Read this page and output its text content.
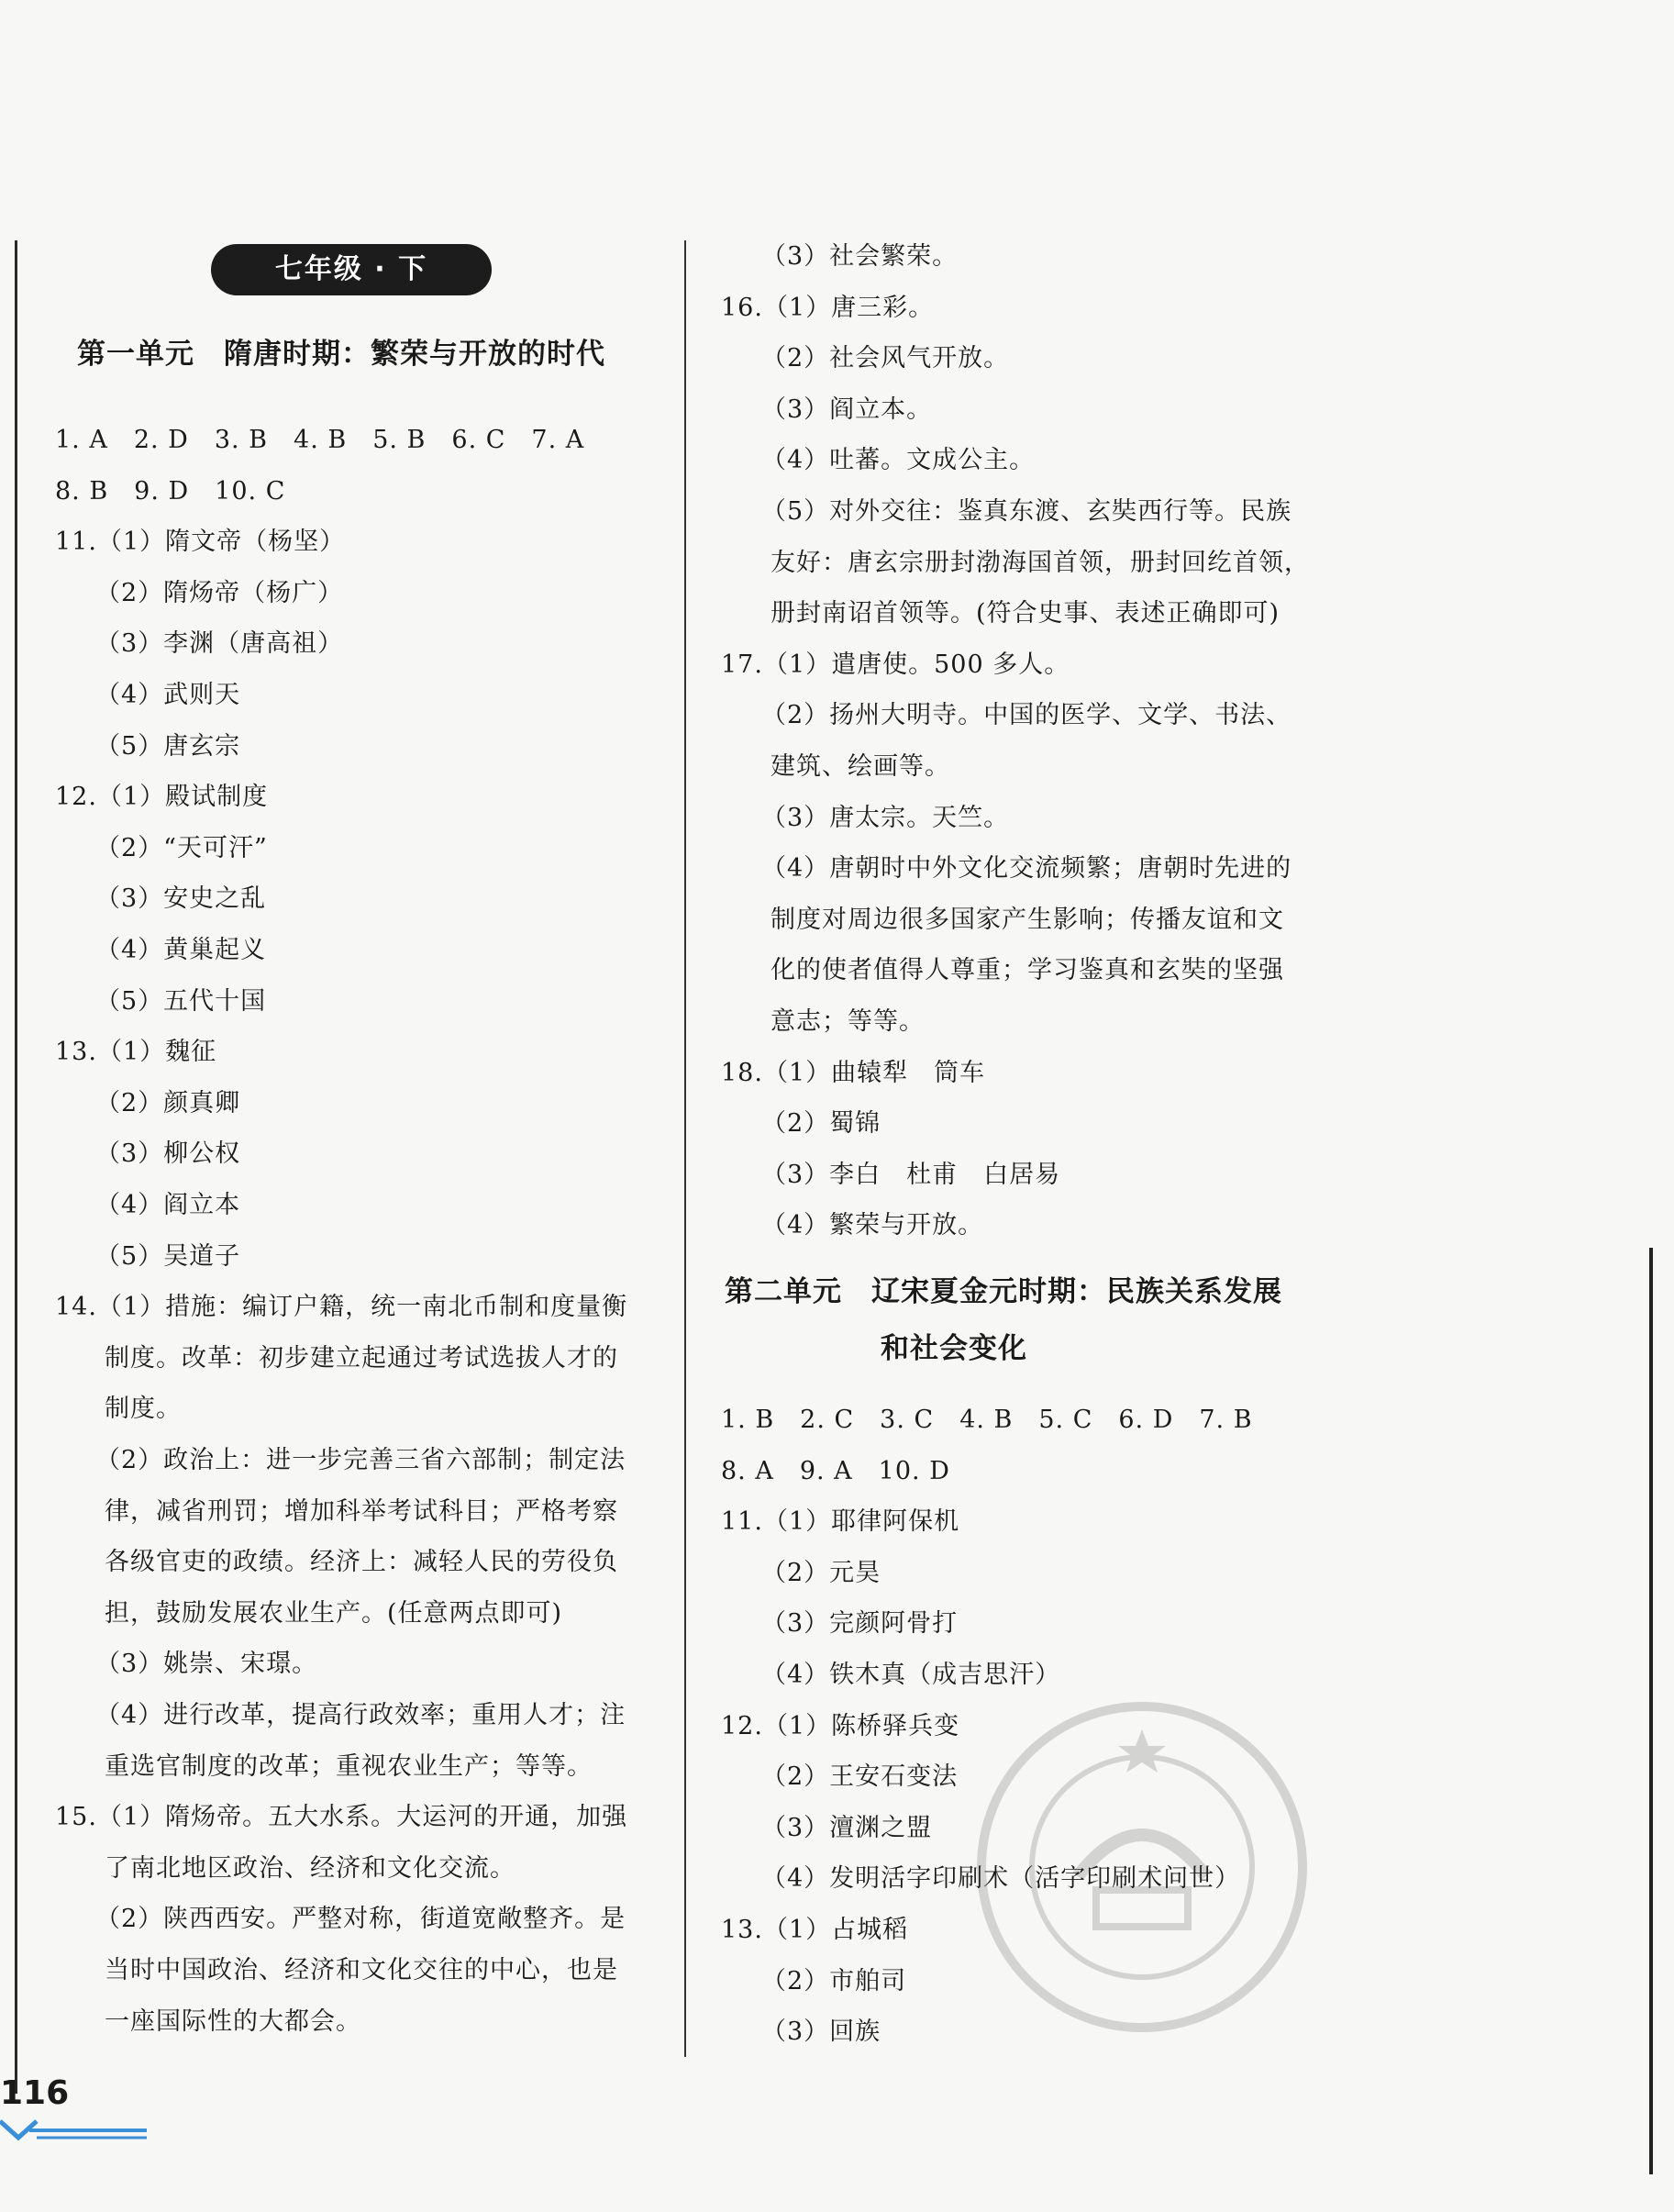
七年级 · 下
第一单元　隋唐时期：繁荣与开放的时代
1. A　2. D　3. B　4. B　5. B　6. C　7. A
8. B　9. D　10. C
11.（1）隋文帝（杨坚）
（2）隋炀帝（杨广）
（3）李渊（唐高祖）
（4）武则天
（5）唐玄宗
12.（1）殿试制度
（2）“天可汗”
（3）安史之乱
（4）黄巢起义
（5）五代十国
13.（1）魏征
（2）颜真卿
（3）柳公权
（4）阎立本
（5）吴道子
14.（1）措施：编订户籍，统一南北币制和度量衡
制度。改革：初步建立起通过考试选拔人才的
制度。
（2）政治上：进一步完善三省六部制；制定法
律，减省刑罚；增加科举考试科目；严格考察
各级官吏的政绩。经济上：减轻人民的劳役负
担，鼓励发展农业生产。(任意两点即可)
（3）姚崇、宋璟。
（4）进行改革，提高行政效率；重用人才；注
重选官制度的改革；重视农业生产；等等。
15.（1）隋炀帝。五大水系。大运河的开通，加强
了南北地区政治、经济和文化交流。
（2）陕西西安。严整对称，街道宽敞整齐。是
当时中国政治、经济和文化交往的中心，也是
一座国际性的大都会。
（3）社会繁荣。
16.（1）唐三彩。
（2）社会风气开放。
（3）阎立本。
（4）吐蕃。文成公主。
（5）对外交往：鉴真东渡、玄奘西行等。民族
友好：唐玄宗册封渤海国首领，册封回纥首领，
册封南诏首领等。(符合史事、表述正确即可)
17.（1）遣唐使。500 多人。
（2）扬州大明寺。中国的医学、文学、书法、
建筑、绘画等。
（3）唐太宗。天竺。
（4）唐朝时中外文化交流频繁；唐朝时先进的
制度对周边很多国家产生影响；传播友谊和文
化的使者值得人尊重；学习鉴真和玄奘的坚强
意志；等等。
18.（1）曲辕犁　筒车
（2）蜀锦
（3）李白　杜甫　白居易
（4）繁荣与开放。
第二单元　辽宋夏金元时期：民族关系发展
和社会变化
1. B　2. C　3. C　4. B　5. C　6. D　7. B
8. A　9. A　10. D
11.（1）耶律阿保机
（2）元昊
（3）完颜阿骨打
（4）铁木真（成吉思汗）
12.（1）陈桥驿兵变
（2）王安石变法
（3）澶渊之盟
（4）发明活字印刷术（活字印刷术问世）
13.（1）占城稻
（2）市舶司
（3）回族
116
